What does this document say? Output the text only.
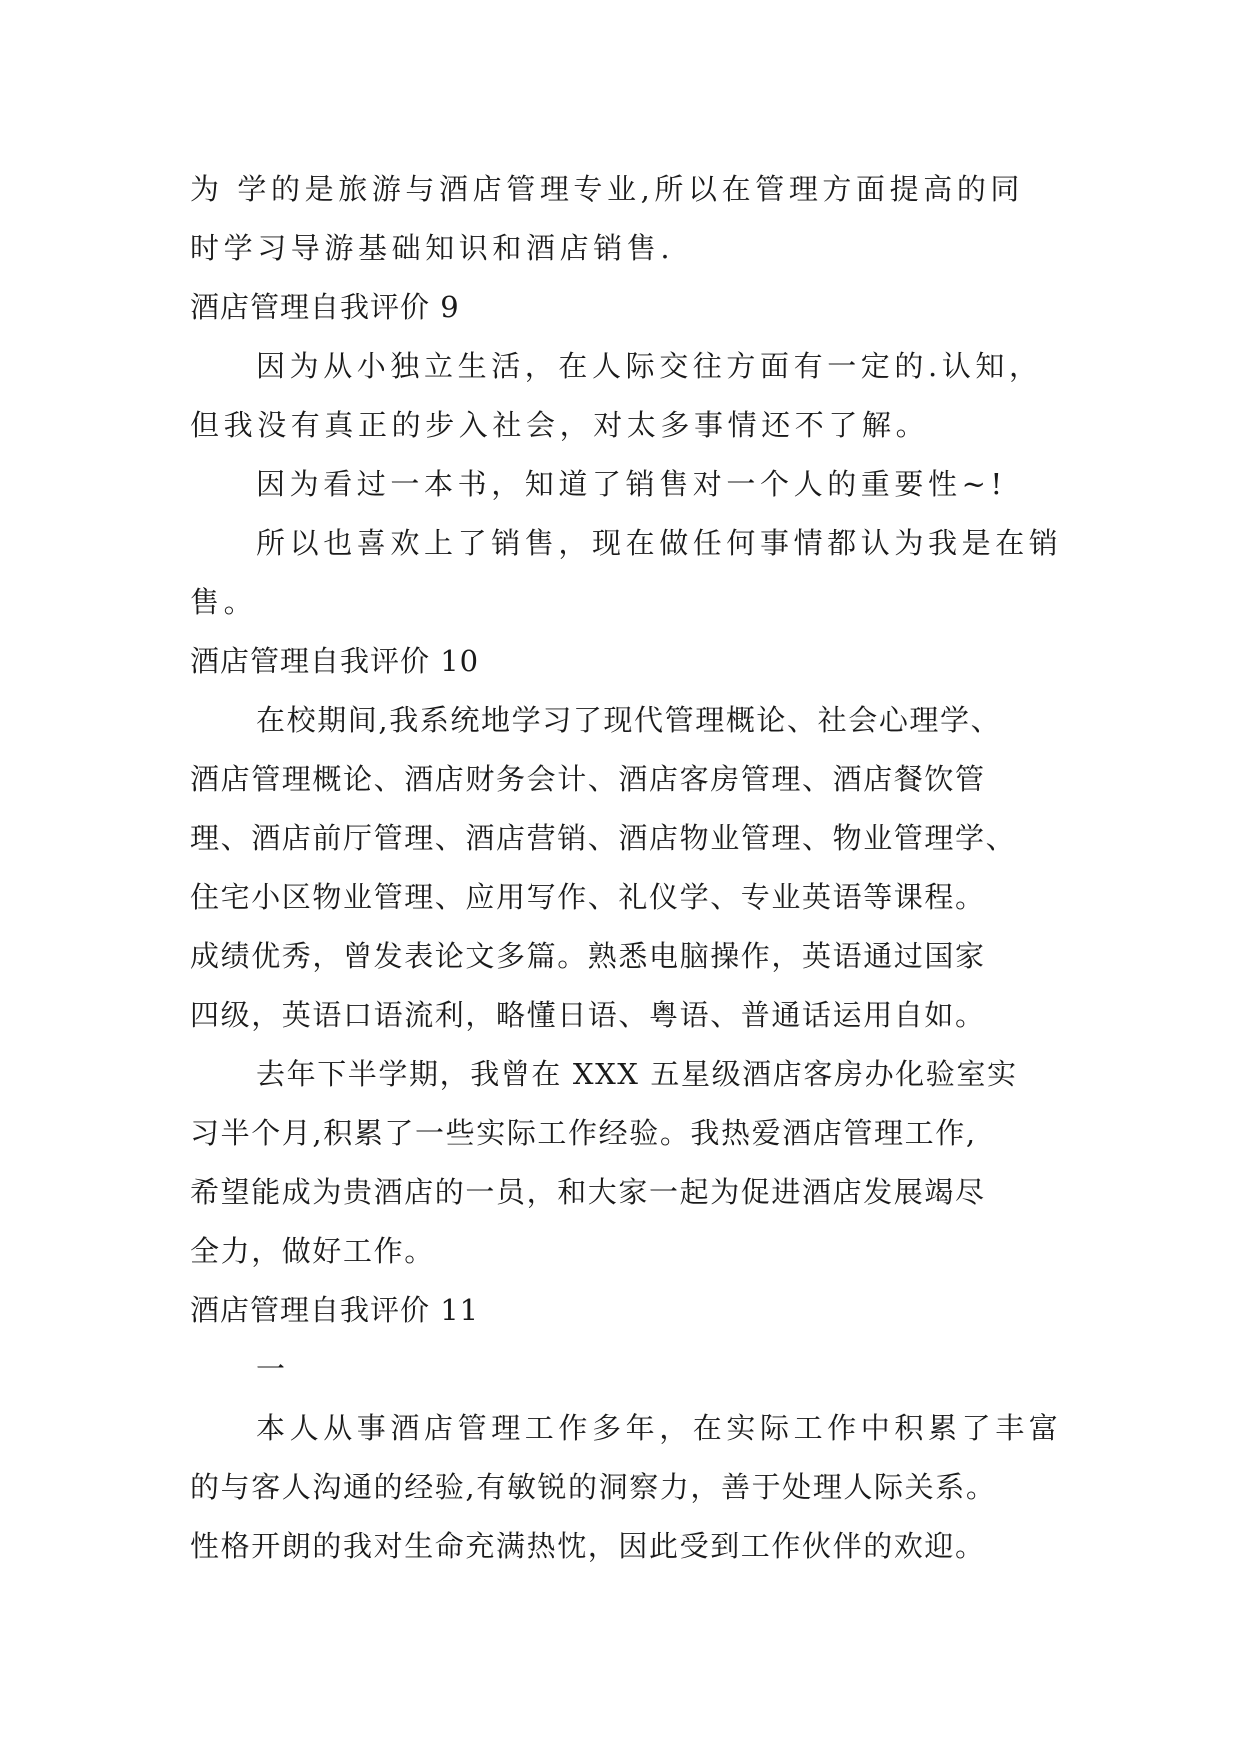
为 学的是旅游与酒店管理专业,所以在管理方面提高的同
时学习导游基础知识和酒店销售.
酒店管理自我评价 9
因为从小独立生活，在人际交往方面有一定的.认知，
但我没有真正的步入社会，对太多事情还不了解。
因为看过一本书，知道了销售对一个人的重要性~!
所以也喜欢上了销售，现在做任何事情都认为我是在销
售。
酒店管理自我评价 10
在校期间,我系统地学习了现代管理概论、社会心理学、
酒店管理概论、酒店财务会计、酒店客房管理、酒店餐饮管
理、酒店前厅管理、酒店营销、酒店物业管理、物业管理学、
住宅小区物业管理、应用写作、礼仪学、专业英语等课程。
成绩优秀，曾发表论文多篇。熟悉电脑操作，英语通过国家
四级，英语口语流利，略懂日语、粤语、普通话运用自如。
去年下半学期，我曾在 XXX 五星级酒店客房办化验室实
习半个月,积累了一些实际工作经验。我热爱酒店管理工作,
希望能成为贵酒店的一员，和大家一起为促进酒店发展竭尽
全力，做好工作。
酒店管理自我评价 11
一
本人从事酒店管理工作多年，在实际工作中积累了丰富
的与客人沟通的经验,有敏锐的洞察力，善于处理人际关系。
性格开朗的我对生命充满热忱，因此受到工作伙伴的欢迎。
